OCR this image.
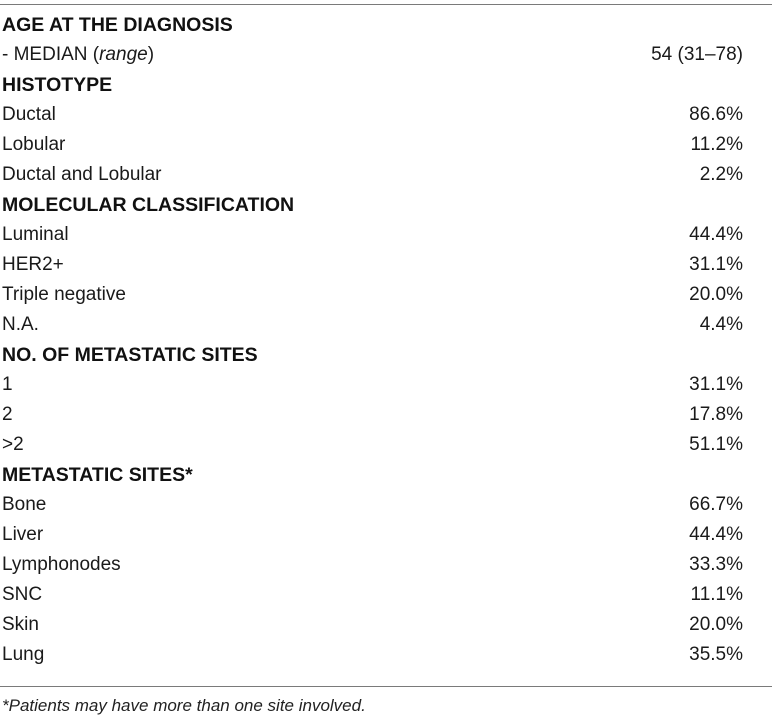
AGE AT THE DIAGNOSIS	
- MEDIAN (range)	54 (31–78)
HISTOTYPE	
Ductal	86.6%
Lobular	11.2%
Ductal and Lobular	2.2%
MOLECULAR CLASSIFICATION	
Luminal	44.4%
HER2+	31.1%
Triple negative	20.0%
N.A.	4.4%
NO. OF METASTATIC SITES	
1	31.1%
2	17.8%
>2	51.1%
METASTATIC SITES*	
Bone	66.7%
Liver	44.4%
Lymphonodes	33.3%
SNC	11.1%
Skin	20.0%
Lung	35.5%
*Patients may have more than one site involved.
